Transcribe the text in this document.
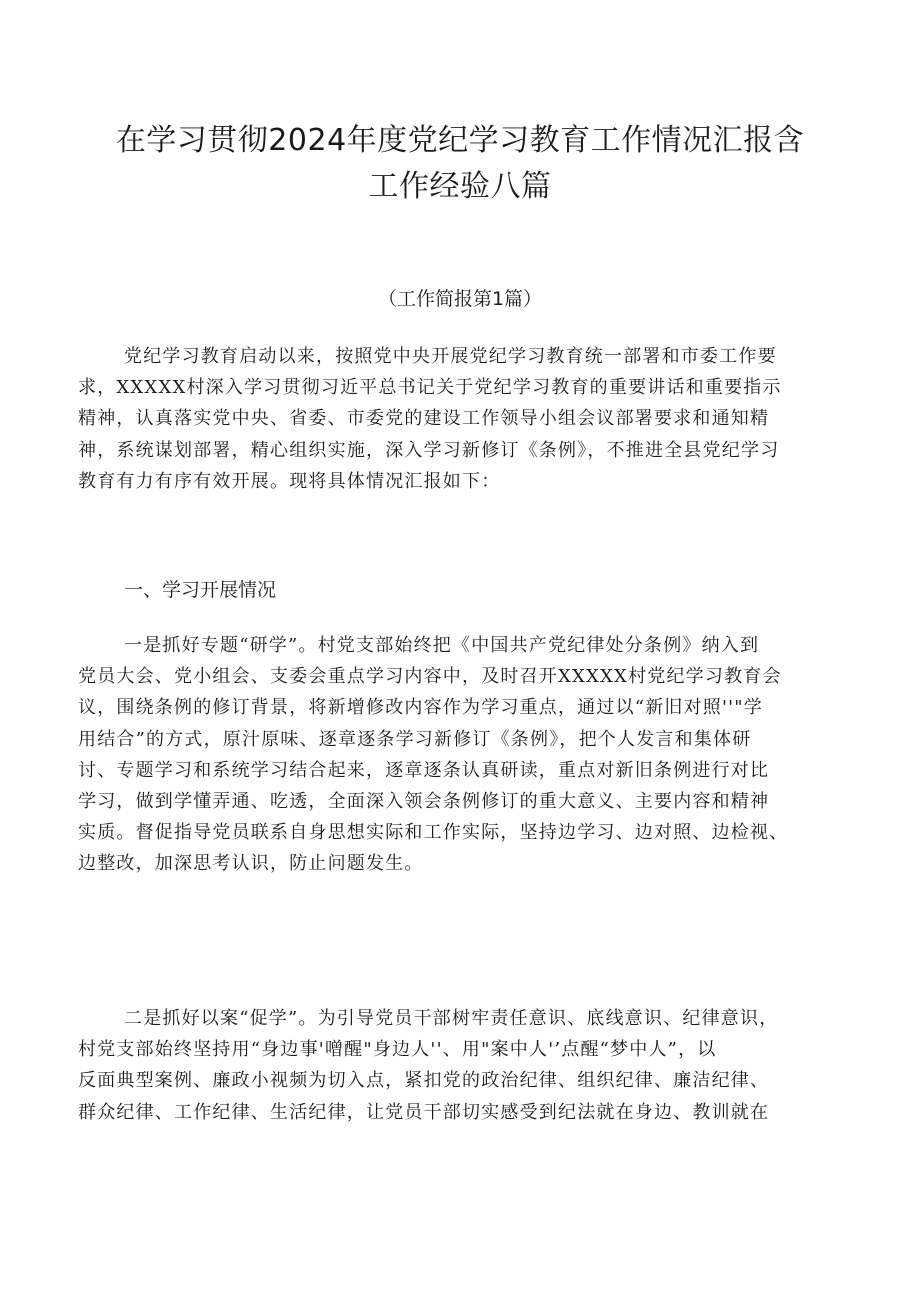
在学习贯彻2024年度党纪学习教育工作情况汇报含
工作经验八篇
（工作简报第1篇）
党纪学习教育启动以来，按照党中央开展党纪学习教育统一部署和市委工作要
求，XXXXX村深入学习贯彻习近平总书记关于党纪学习教育的重要讲话和重要指示
精神，认真落实党中央、省委、市委党的建设工作领导小组会议部署要求和通知精
神，系统谋划部署，精心组织实施，深入学习新修订《条例》，不推进全县党纪学习
教育有力有序有效开展。现将具体情况汇报如下：
一、学习开展情况
一是抓好专题“研学”。村党支部始终把《中国共产党纪律处分条例》纳入到
党员大会、党小组会、支委会重点学习内容中，及时召开XXXXX村党纪学习教育会
议，围绕条例的修订背景，将新增修改内容作为学习重点，通过以“新旧对照''"学
用结合”的方式，原汁原味、逐章逐条学习新修订《条例》，把个人发言和集体研
讨、专题学习和系统学习结合起来，逐章逐条认真研读，重点对新旧条例进行对比
学习，做到学懂弄通、吃透，全面深入领会条例修订的重大意义、主要内容和精神
实质。督促指导党员联系自身思想实际和工作实际，坚持边学习、边对照、边检视、
边整改，加深思考认识，防止问题发生。
二是抓好以案“促学”。为引导党员干部树牢责任意识、底线意识、纪律意识，
村党支部始终坚持用“身边事'噌醒"身边人''、用"案中人'’点醒“梦中人”，以
反面典型案例、廉政小视频为切入点，紧扣党的政治纪律、组织纪律、廉洁纪律、
群众纪律、工作纪律、生活纪律，让党员干部切实感受到纪法就在身边、教训就在
